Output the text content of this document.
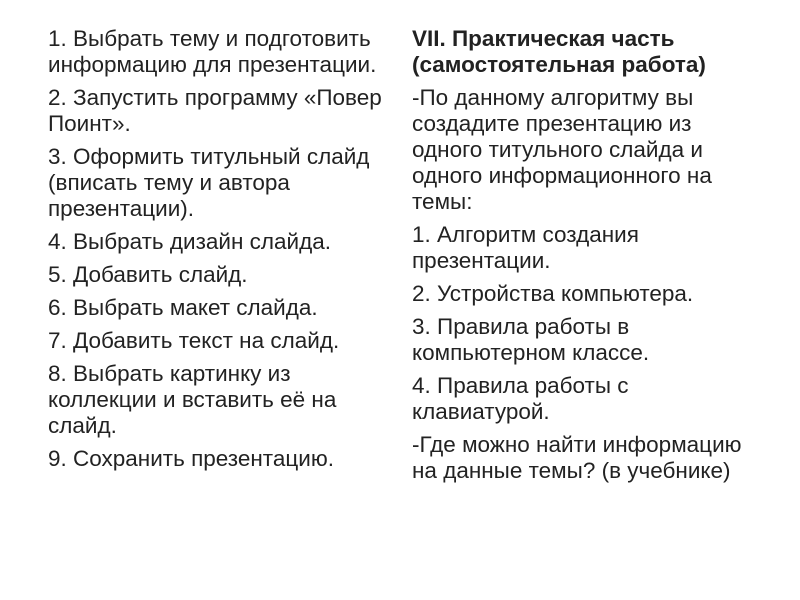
1. Выбрать тему и подготовить информацию для презентации.
2. Запустить программу «Повер Поинт».
3. Оформить титульный слайд (вписать тему и автора презентации).
4. Выбрать дизайн слайда.
5. Добавить слайд.
6. Выбрать макет слайда.
7. Добавить текст на слайд.
8. Выбрать картинку из коллекции и вставить её на слайд.
9. Сохранить презентацию.
VII. Практическая часть (самостоятельная работа)
-По данному алгоритму вы создадите презентацию из одного титульного слайда и одного информационного на темы:
1. Алгоритм создания презентации.
2. Устройства компьютера.
3. Правила работы в компьютерном классе.
4. Правила работы с клавиатурой.
-Где можно найти информацию на данные темы? (в учебнике)
